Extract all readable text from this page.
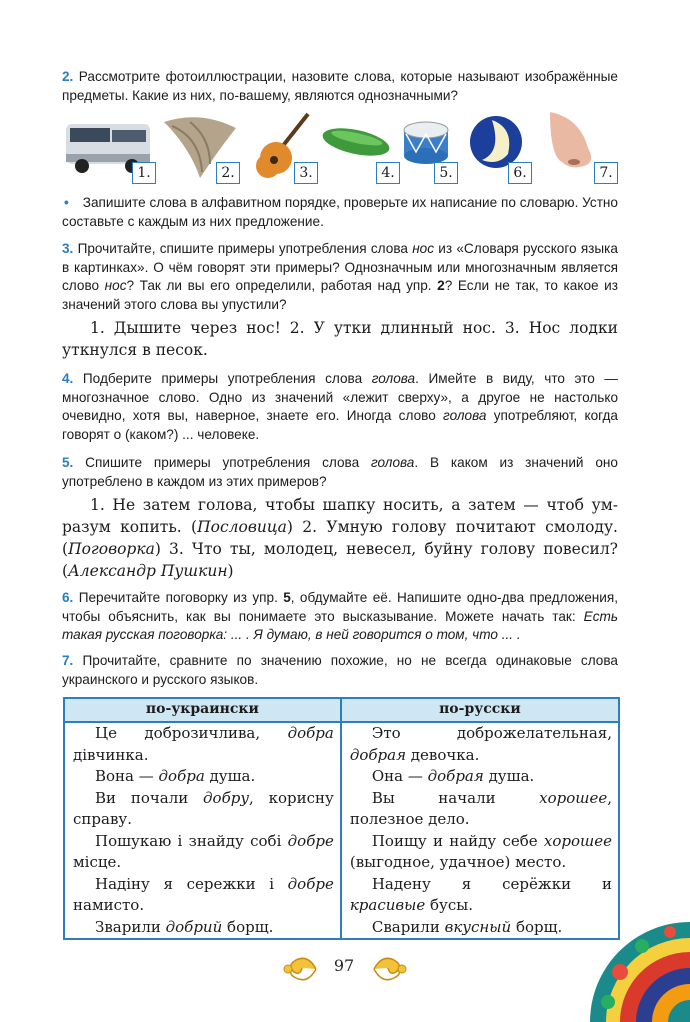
2. Рассмотрите фотоиллюстрации, назовите слова, которые называют изображённые предметы. Какие из них, по-вашему, являются однозначными?
1.	2.	3.	4.	5.	6.	7.
• Запишите слова в алфавитном порядке, проверьте их написание по словарю. Устно составьте с каждым из них предложение.
3. Прочитайте, спишите примеры употребления слова нос из «Словаря русского языка в картинках». О чём говорят эти примеры? Однозначным или многозначным является слово нос? Так ли вы его определили, работая над упр. 2? Если не так, то какое из значений этого слова вы упустили?
1. Дышите через нос! 2. У утки длинный нос. 3. Нос лодки уткнулся в песок.
4. Подберите примеры употребления слова голова. Имейте в виду, что это — многозначное слово. Одно из значений «лежит сверху», а другое не настолько очевидно, хотя вы, наверное, знаете его. Иногда слово голова употребляют, когда говорят о (каком?) ... человеке.
5. Спишите примеры употребления слова голова. В каком из значений оно употреблено в каждом из этих примеров?
1. Не затем голова, чтобы шапку носить, а затем — чтоб ум-разум копить. (Пословица) 2. Умную голову почитают смолоду. (Поговорка) 3. Что ты, молодец, невесел, буйну голову повесил? (Александр Пушкин)
6. Перечитайте поговорку из упр. 5, обдумайте её. Напишите одно-два предложения, чтобы объяснить, как вы понимаете это высказывание. Можете начать так: Есть такая русская поговорка: ... . Я думаю, в ней говорится о том, что ... .
7. Прочитайте, сравните по значению похожие, но не всегда одинаковые слова украинского и русского языков.
по-украински	по-русски

Це доброзичлива, добра дівчинка.	Это доброжелательная, добрая девочка.

Вона — добра душа.	Она — добрая душа.

Ви почали добру, корисну справу.	Вы начали хорошее, полезное дело.

Пошукаю і знайду собі добре місце.	Поищу и найду себе хорошее (выгодное, удачное) место.

Надіну я сережки і добре намисто.	Надену я серёжки и красивые бусы.

Зварили добрий борщ.	Сварили вкусный борщ.

97
